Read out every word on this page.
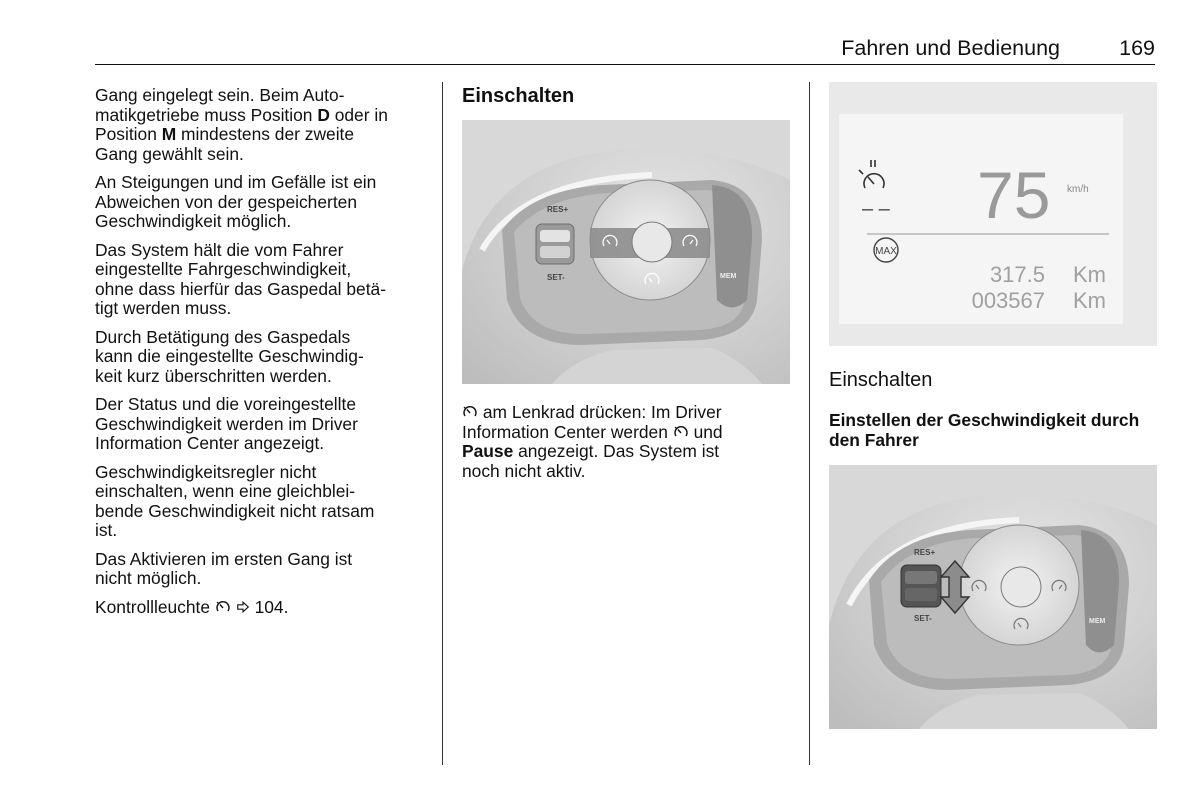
Fahren und Bedienung	169

Gang eingelegt sein. Beim Auto-
matikgetriebe muss Position D oder in
Position M mindestens der zweite
Gang gewählt sein.

An Steigungen und im Gefälle ist ein
Abweichen von der gespeicherten
Geschwindigkeit möglich.

Das System hält die vom Fahrer
eingestellte Fahrgeschwindigkeit,
ohne dass hierfür das Gaspedal betä-
tigt werden muss.

Durch Betätigung des Gaspedals
kann die eingestellte Geschwindig-
keit kurz überschritten werden.

Der Status und die voreingestellte
Geschwindigkeit werden im Driver
Information Center angezeigt.

Geschwindigkeitsregler nicht
einschalten, wenn eine gleichblei-
bende Geschwindigkeit nicht ratsam
ist.

Das Aktivieren im ersten Gang ist
nicht möglich.

Kontrollleuchte	104.

Einschalten
RES+
SET-	MEM

am Lenkrad drücken: Im Driver
Information Center werden und
Pause angezeigt. Das System ist
noch nicht aktiv.

– – 75 km/h
MAX
317.5 Km
003567 Km
Einschalten
Einstellen der Geschwindigkeit durch
den Fahrer
RES+
SET-	MEM
